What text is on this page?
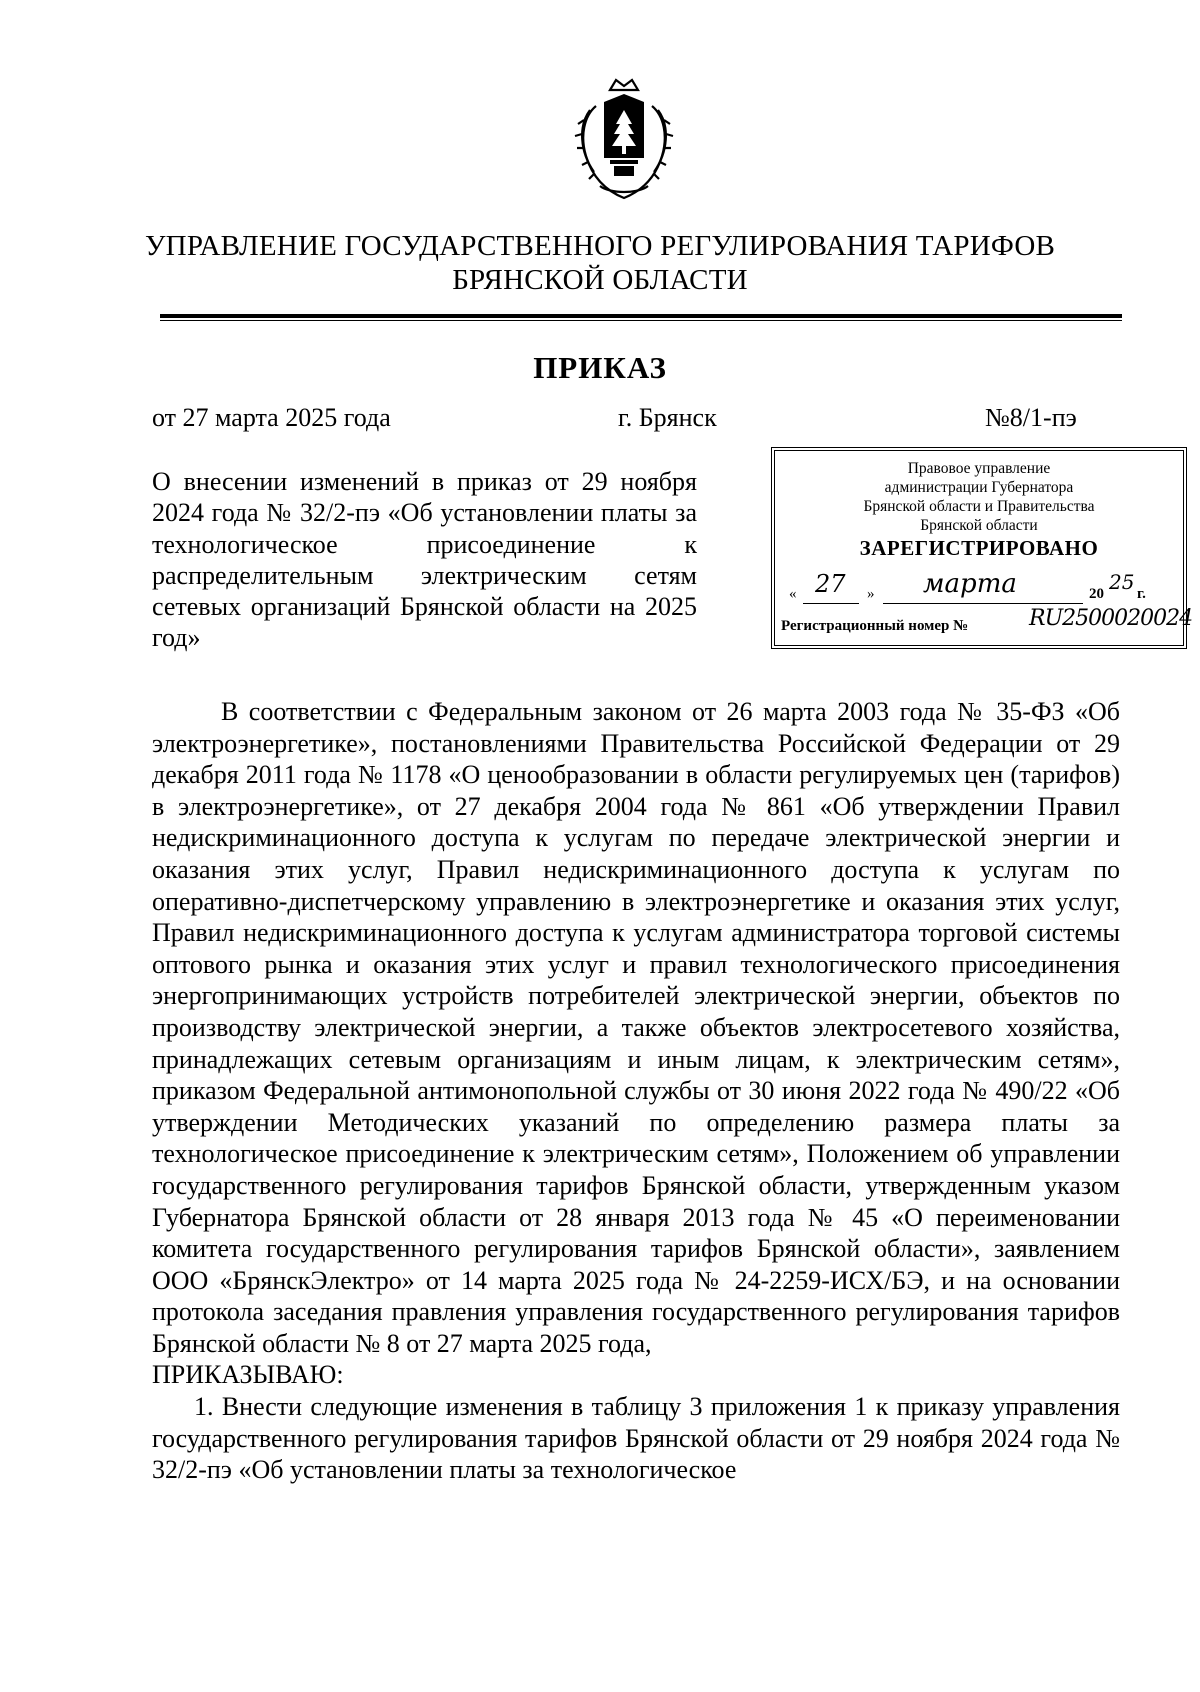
УПРАВЛЕНИЕ ГОСУДАРСТВЕННОГО РЕГУЛИРОВАНИЯ ТАРИФОВ
БРЯНСКОЙ ОБЛАСТИ
ПРИКАЗ
от 27 марта 2025 года	г. Брянск	№8/1-пэ
О внесении изменений в приказ от 29 ноября 2024 года № 32/2-пэ «Об установлении платы за технологическое присоединение к распределительным электрическим сетям сетевых организаций Брянской области на 2025 год»
Правовое управление
администрации Губернатора
Брянской области и Правительства
Брянской области
ЗАРЕГИСТРИРОВАНО
« 27 » марта	20 25 г.
Регистрационный номер №	RU2500020024

В соответствии с Федеральным законом от 26 марта 2003 года № 35-ФЗ «Об электроэнергетике», постановлениями Правительства Российской Федерации от 29 декабря 2011 года № 1178 «О ценообразовании в области регулируемых цен (тарифов) в электроэнергетике», от 27 декабря 2004 года № 861 «Об утверждении Правил недискриминационного доступа к услугам по передаче электрической энергии и оказания этих услуг, Правил недискриминационного доступа к услугам по оперативно-диспетчерскому управлению в электроэнергетике и оказания этих услуг, Правил недискриминационного доступа к услугам администратора торговой системы оптового рынка и оказания этих услуг и правил технологического присоединения энергопринимающих устройств потребителей электрической энергии, объектов по производству электрической энергии, а также объектов электросетевого хозяйства, принадлежащих сетевым организациям и иным лицам, к электрическим сетям», приказом Федеральной антимонопольной службы от 30 июня 2022 года № 490/22 «Об утверждении Методических указаний по определению размера платы за технологическое присоединение к электрическим сетям», Положением об управлении государственного регулирования тарифов Брянской области, утвержденным указом Губернатора Брянской области от 28 января 2013 года № 45 «О переименовании комитета государственного регулирования тарифов Брянской области», заявлением ООО «БрянскЭлектро» от 14 марта 2025 года № 24-2259-ИСХ/БЭ, и на основании протокола заседания правления управления государственного регулирования тарифов Брянской области № 8 от 27 марта 2025 года,

ПРИКАЗЫВАЮ:

1. Внести следующие изменения в таблицу 3 приложения 1 к приказу управления государственного регулирования тарифов Брянской области от 29 ноября 2024 года № 32/2-пэ «Об установлении платы за технологическое
